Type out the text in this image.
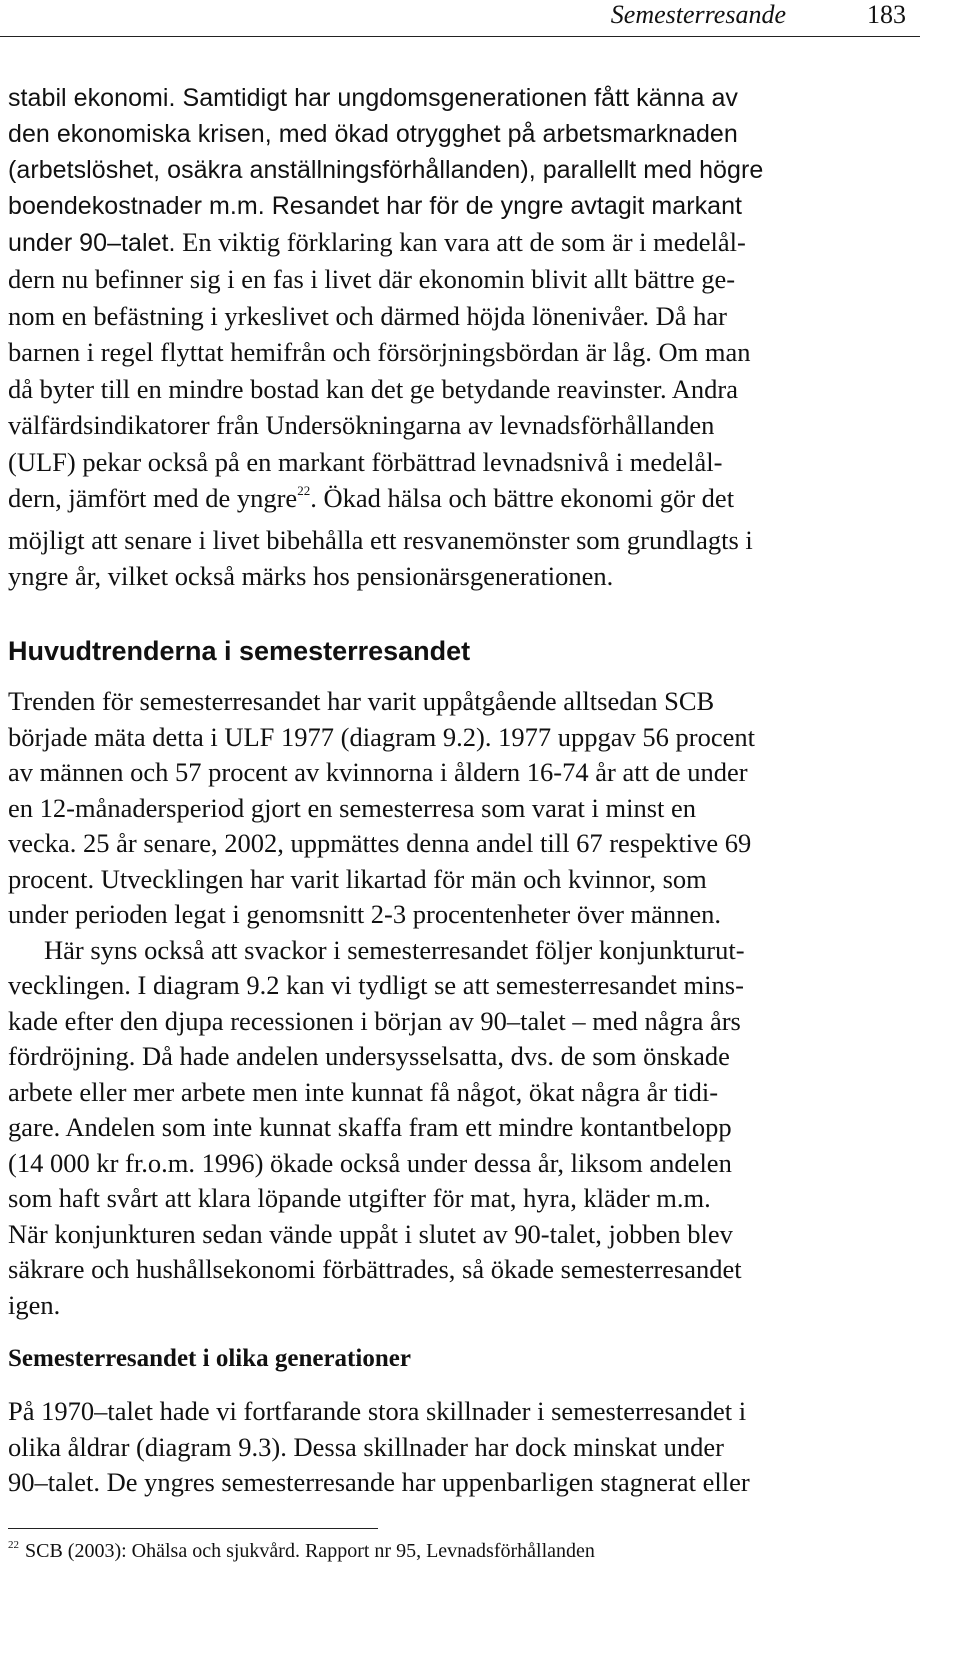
Semesterresande	183
stabil ekonomi. Samtidigt har ungdomsgenerationen fått känna av
den ekonomiska krisen, med ökad otrygghet på arbetsmarknaden
(arbetslöshet, osäkra anställningsförhållanden), parallellt med högre
boendekostnader m.m. Resandet har för de yngre avtagit markant
under 90–talet. En viktig förklaring kan vara att de som är i medelål-
dern nu befinner sig i en fas i livet där ekonomin blivit allt bättre ge-
nom en befästning i yrkeslivet och därmed höjda lönenivåer. Då har
barnen i regel flyttat hemifrån och försörjningsbördan är låg. Om man
då byter till en mindre bostad kan det ge betydande reavinster. Andra
välfärdsindikatorer från Undersökningarna av levnadsförhållanden
(ULF) pekar också på en markant förbättrad levnadsnivå i medelål-
dern, jämfört med de yngre$^{22}$. Ökad hälsa och bättre ekonomi gör det
möjligt att senare i livet bibehålla ett resvanemönster som grundlagts i
yngre år, vilket också märks hos pensionärsgenerationen.
Huvudtrenderna i semesterresandet
Trenden för semesterresandet har varit uppåtgående alltsedan SCB
började mäta detta i ULF 1977 (diagram 9.2). 1977 uppgav 56 procent
av männen och 57 procent av kvinnorna i åldern 16-74 år att de under
en 12-månadersperiod gjort en semesterresa som varat i minst en
vecka. 25 år senare, 2002, uppmättes denna andel till 67 respektive 69
procent. Utvecklingen har varit likartad för män och kvinnor, som
under perioden legat i genomsnitt 2-3 procentenheter över männen.
Här syns också att svackor i semesterresandet följer konjunkturut-
vecklingen. I diagram 9.2 kan vi tydligt se att semesterresandet mins-
kade efter den djupa recessionen i början av 90–talet – med några års
fördröjning. Då hade andelen undersysselsatta, dvs. de som önskade
arbete eller mer arbete men inte kunnat få något, ökat några år tidi-
gare. Andelen som inte kunnat skaffa fram ett mindre kontantbelopp
(14 000 kr fr.o.m. 1996) ökade också under dessa år, liksom andelen
som haft svårt att klara löpande utgifter för mat, hyra, kläder m.m.
När konjunkturen sedan vände uppåt i slutet av 90-talet, jobben blev
säkrare och hushållsekonomi förbättrades, så ökade semesterresandet
igen.
Semesterresandet i olika generationer
På 1970–talet hade vi fortfarande stora skillnader i semesterresandet i
olika åldrar (diagram 9.3). Dessa skillnader har dock minskat under
90–talet. De yngres semesterresande har uppenbarligen stagnerat eller

$^{22}$ SCB (2003): Ohälsa och sjukvård. Rapport nr 95, Levnadsförhållanden
